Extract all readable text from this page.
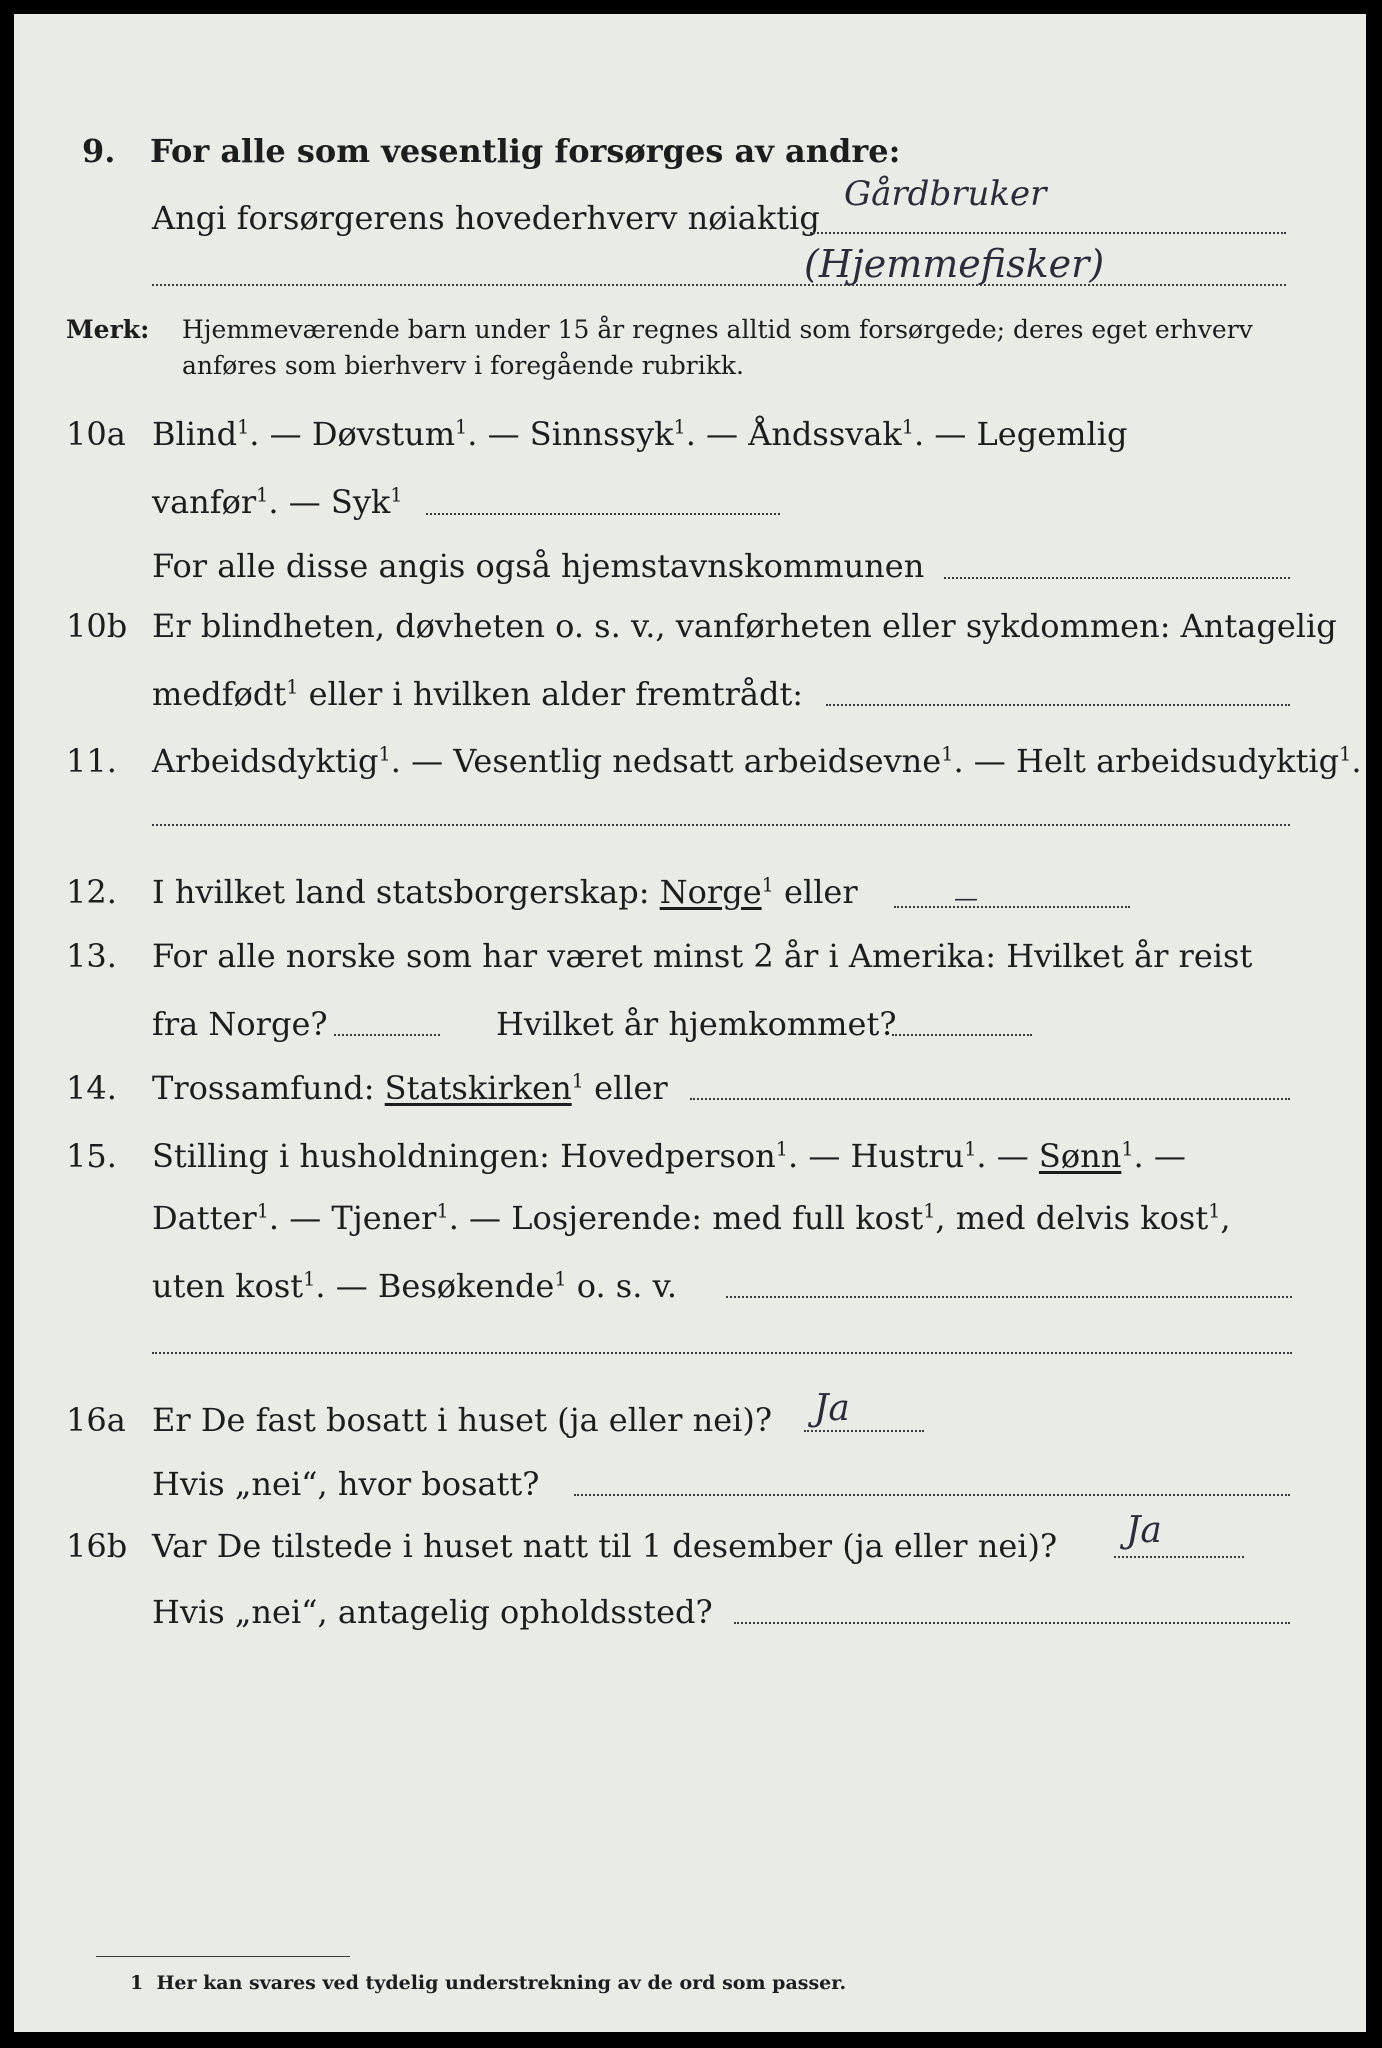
9. For alle som vesentlig forsørges av andre:
Angi forsørgerens hovederhverv nøiaktig
Gårdbruker
(Hjemmefisker)
Merk: Hjemmeværende barn under 15 år regnes alltid som forsørgede; deres eget erhverv
anføres som bierhverv i foregående rubrikk.
10a Blind$^1$. — Døvstum$^1$. — Sinnssyk$^1$. — Åndssvak$^1$. — Legemlig
vanfør$^1$. — Syk$^1$
For alle disse angis også hjemstavnskommunen
10b Er blindheten, døvheten o. s. v., vanførheten eller sykdommen: Antagelig
medfødt$^1$ eller i hvilken alder fremtrådt:
11. Arbeidsdyktig$^1$. — Vesentlig nedsatt arbeidsevne$^1$. — Helt arbeidsudyktig$^1$.
12. I hvilket land statsborgerskap: Norge$^1$ eller	—
13. For alle norske som har været minst 2 år i Amerika: Hvilket år reist
fra Norge?	Hvilket år hjemkommet?
14. Trossamfund: Statskirken$^1$ eller
15. Stilling i husholdningen: Hovedperson$^1$. — Hustru$^1$. — Sønn$^1$. —
Datter$^1$. — Tjener$^1$. — Losjerende: med full kost$^1$, med delvis kost$^1$,
uten kost$^1$. — Besøkende$^1$ o. s. v.
16a Er De fast bosatt i huset (ja eller nei)? Ja
Hvis „nei“, hvor bosatt?
16b Var De tilstede i huset natt til 1 desember (ja eller nei)? Ja
Hvis „nei“, antagelig opholdssted?
1 Her kan svares ved tydelig understrekning av de ord som passer.
